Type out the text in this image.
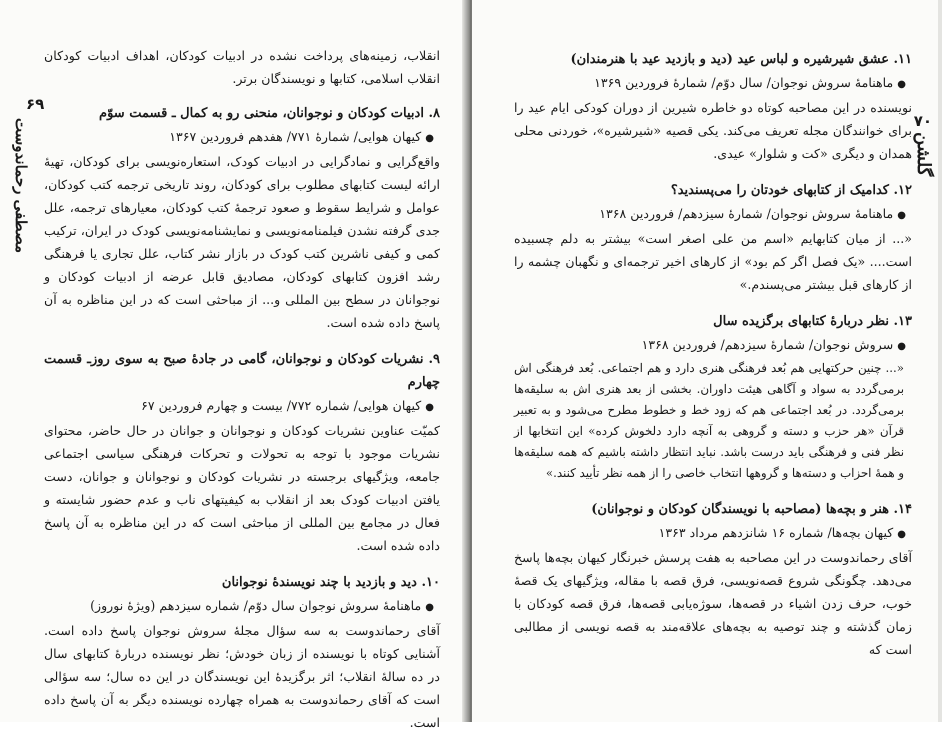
۶۹
مصطفی رحماندوست

انقلاب، زمینه‌های پرداخت نشده در ادبیات کودکان، اهداف ادبیات کودکان انقلاب اسلامی، کتابها و نویسندگان برتر.

۸. ادبیات کودکان و نوجوانان، منحنی رو به کمال ـ قسمت سوّم

●کیهان هوایی/ شمارهٔ ۷۷۱/ هفدهم فروردین ۱۳۶۷

واقع‌گرایی و نمادگرایی در ادبیات کودک، استعاره‌نویسی برای کودکان، تهیهٔ ارائه لیست کتابهای مطلوب برای کودکان، روند تاریخی ترجمه کتب کودکان، عوامل و شرایط سقوط و صعود ترجمهٔ کتب کودکان، معیارهای ترجمه، علل جدی گرفته نشدن فیلمنامه‌نویسی و نمایشنامه‌نویسی کودک در ایران، ترکیب کمی و کیفی ناشرین کتب کودک در بازار نشر کتاب، علل تجاری یا فرهنگی رشد افزون کتابهای کودکان، مصادیق قابل عرضه از ادبیات کودکان و نوجوانان در سطح بین المللی و... از مباحثی است که در این مناظره به آن پاسخ داده شده است.

۹. نشریات کودکان و نوجوانان، گامی در جادهٔ صبح به سوی روزـ قسمت چهارم

●کیهان هوایی/ شماره ۷۷۲/ بیست و چهارم فروردین ۶۷

کمیّت عناوین نشریات کودکان و نوجوانان و جوانان در حال حاضر، محتوای نشریات موجود با توجه به تحولات و تحرکات فرهنگی سیاسی اجتماعی جامعه، ویژگیهای برجسته در نشریات کودکان و نوجوانان و جوانان، دست یافتن ادبیات کودک بعد از انقلاب به کیفیتهای ناب و عدم حضور شایسته و فعال در مجامع بین المللی از مباحثی است که در این مناظره به آن پاسخ داده شده است.

۱۰. دید و بازدید با چند نویسندهٔ نوجوانان

●ماهنامهٔ سروش نوجوان سال دوّم/ شماره سیزدهم (ویژهٔ نوروز)

آقای رحماندوست به سه سؤال مجلهٔ سروش نوجوان پاسخ داده است. آشنایی کوتاه با نویسنده از زبان خودش؛ نظر نویسنده دربارهٔ کتابهای سال در ده سالهٔ انقلاب؛ اثر برگزیدهٔ این نویسندگان در این ده سال؛ سه سؤالی است که آقای رحماندوست به همراه چهارده نویسنده دیگر به آن پاسخ داده است.

۷۰
گلشن

۱۱. عشق شیرشیره و لباس عید (دید و بازدید عید با هنرمندان)

●ماهنامهٔ سروش نوجوان/ سال دوّم/ شمارهٔ فروردین ۱۳۶۹

نویسنده در این مصاحبه کوتاه دو خاطره شیرین از دوران کودکی ایام عید را برای خوانندگان مجله تعریف می‌کند. یکی قصیه «شیرشیره»، خوردنی محلی همدان و دیگری «کت و شلوار» عیدی.

۱۲. کدامیک از کتابهای خودتان را می‌پسندید؟

●ماهنامهٔ سروش نوجوان/ شمارهٔ سیزدهم/ فروردین ۱۳۶۸

«... از میان کتابهایم «اسم من علی اصغر است» بیشتر به دلم چسبیده است.... «یک فصل اگر کم بود» از کارهای اخیر ترجمه‌ای و نگهبان چشمه را از کارهای قبل بیشتر می‌پسندم.»

۱۳. نظر دربارهٔ کتابهای برگزیده سال

●سروش نوجوان/ شمارهٔ سیزدهم/ فروردین ۱۳۶۸

«... چنین حرکتهایی هم بُعد فرهنگی هنری دارد و هم اجتماعی. بُعد فرهنگی اش برمی‌گردد به سواد و آگاهی هیئت داوران. بخشی از بعد هنری اش به سلیقه‌ها برمی‌گردد. در بُعد اجتماعی هم که زود خط و خطوط مطرح می‌شود و به تعبیر قرآن «هر حزب و دسته و گروهی به آنچه دارد دلخوش کرده» این انتخابها از نظر فنی و فرهنگی باید درست باشد. نباید انتظار داشته باشیم که همه سلیقه‌ها و همهٔ احزاب و دسته‌ها و گروهها انتخاب خاصی را از همه نظر تأیید کنند.»

۱۴. هنر و بچه‌ها (مصاحبه با نویسندگان کودکان و نوجوانان)

●کیهان بچه‌ها/ شماره ۱۶ شانزدهم مرداد ۱۳۶۳

آقای رحماندوست در این مصاحبه به هفت پرسش خبرنگار کیهان بچه‌ها پاسخ می‌دهد. چگونگی شروع قصه‌نویسی، فرق قصه با مقاله، ویژگیهای یک قصهٔ خوب، حرف زدن اشیاء در قصه‌ها، سوژه‌یابی قصه‌ها، فرق قصه کودکان با زمان گذشته و چند توصیه به بچه‌های علاقه‌مند به قصه نویسی از مطالبی است که
